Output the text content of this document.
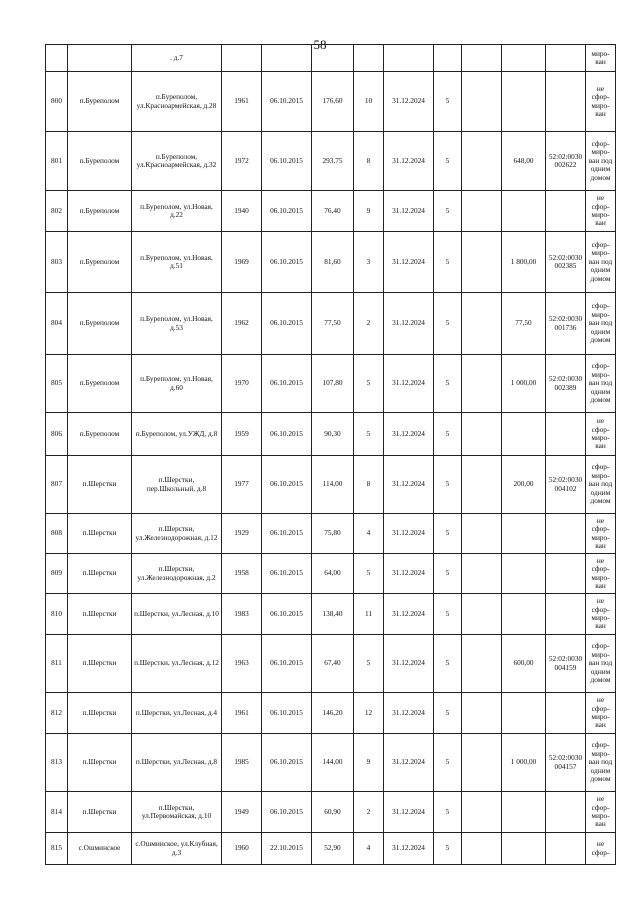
58
		. д.7										миро-ван
800	п.Буреполом	п.Буреполом, ул.Красноармейская, д.28	1961	06.10.2015	176,60	10	31.12.2024	5				не сфор-миро-ван
801	п.Буреполом	п.Буреполом, ул.Красноармейская, д.32	1972	06.10.2015	293,75	8	31.12.2024	5		648,00	52:02:0030002622	сфор-миро-ван под одним домом
802	п.Буреполом	п.Буреполом, ул.Новая, д.22	1940	06.10.2015	76,40	9	31.12.2024	5				не сфор-миро-ван
803	п.Буреполом	п.Буреполом, ул.Новая, д.51	1969	06.10.2015	81,60	3	31.12.2024	5		1 800,00	52:02:0030002385	сфор-миро-ван под одним домом
804	п.Буреполом	п.Буреполом, ул.Новая, д.53	1962	06.10.2015	77,50	2	31.12.2024	5		77,50	52:02:0030001736	сфор-миро-ван под одним домом
805	п.Буреполом	п.Буреполом, ул.Новая, д.60	1970	06.10.2015	107,80	5	31.12.2024	5		1 000,00	52:02:0030002389	сфор-миро-ван под одним домом
806	п.Буреполом	п.Буреполом, ул.УЖД, д.8	1959	06.10.2015	90,30	5	31.12.2024	5				не сфор-миро-ван
807	п.Шерстки	п.Шерстки, пер.Школьный, д.8	1977	06.10.2015	114,00	8	31.12.2024	5		200,00	52:02:0030004102	сфор-миро-ван под одним домом
808	п.Шерстки	п.Шерстки, ул.Железнодорожная, д.12	1929	06.10.2015	75,80	4	31.12.2024	5				не сфор-миро-ван
809	п.Шерстки	п.Шерстки, ул.Железнодорожная, д.2	1958	06.10.2015	64,00	5	31.12.2024	5				не сфор-миро-ван
810	п.Шерстки	п.Шерстки, ул.Лесная, д.10	1983	06.10.2015	138,40	11	31.12.2024	5				не сфор-миро-ван
811	п.Шерстки	п.Шерстки, ул.Лесная, д.12	1963	06.10.2015	67,40	5	31.12.2024	5		600,00	52:02:0030004159	сфор-миро-ван под одним домом
812	п.Шерстки	п.Шерстки, ул.Лесная, д.4	1961	06.10.2015	146,20	12	31.12.2024	5				не сфор-миро-ван
813	п.Шерстки	п.Шерстки, ул.Лесная, д.8	1985	06.10.2015	144,00	9	31.12.2024	5		1 000,00	52:02:0030004157	сфор-миро-ван под одним домом
814	п.Шерстки	п.Шерстки, ул.Первомайская, д.10	1949	06.10.2015	60,90	2	31.12.2024	5				не сфор-миро-ван
815	с.Ошминское	с.Ошминское, ул.Клубная, д.3	1960	22.10.2015	52,90	4	31.12.2024	5				не сфор-
